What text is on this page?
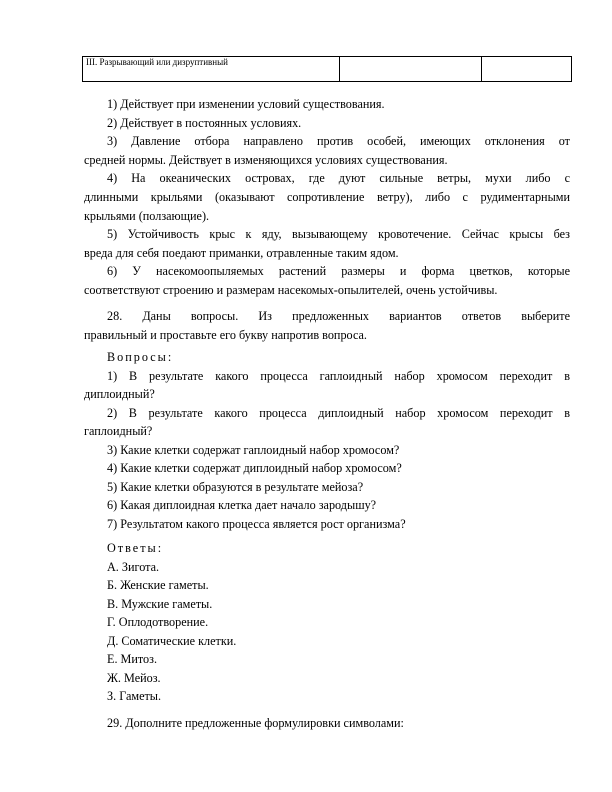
III. Разрывающий или дизруптивный		
1) Действует при изменении условий существования.
2) Действует в постоянных условиях.
3) Давление отбора направлено против особей, имеющих отклонения от
средней нормы. Действует в изменяющихся условиях существования.
4) На океанических островах, где дуют сильные ветры, мухи либо с
длинными крыльями (оказывают сопротивление ветру), либо с рудиментарными
крыльями (ползающие).
5) Устойчивость крыс к яду, вызывающему кровотечение. Сейчас крысы без
вреда для себя поедают приманки, отравленные таким ядом.
6) У насекомоопыляемых растений размеры и форма цветков, которые
соответствуют строению и размерам насекомых-опылителей, очень устойчивы.
28. Даны вопросы. Из предложенных вариантов ответов выберите
правильный и проставьте его букву напротив вопроса.
Вопросы:
1) В результате какого процесса гаплоидный набор хромосом переходит в
диплоидный?
2) В результате какого процесса диплоидный набор хромосом переходит в
гаплоидный?
3) Какие клетки содержат гаплоидный набор хромосом?
4) Какие клетки содержат диплоидный набор хромосом?
5) Какие клетки образуются в результате мейоза?
6) Какая диплоидная клетка дает начало зародышу?
7) Результатом какого процесса является рост организма?
Ответы:
А. Зигота.
Б. Женские гаметы.
В. Мужские гаметы.
Г. Оплодотворение.
Д. Соматические клетки.
Е. Митоз.
Ж. Мейоз.
З. Гаметы.
29. Дополните предложенные формулировки символами:
